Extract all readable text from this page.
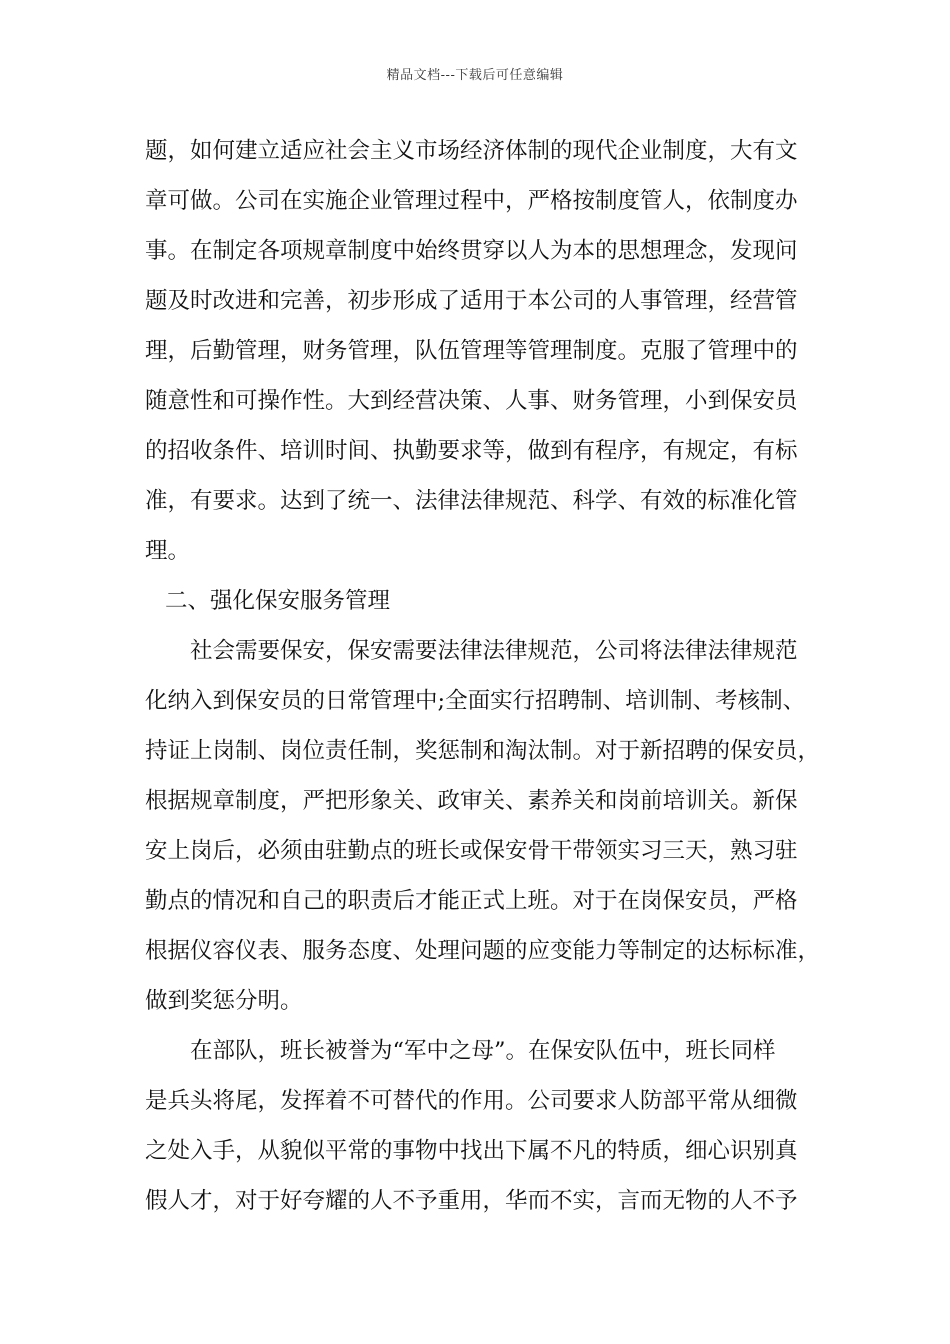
精品文档---下载后可任意编辑
题，如何建立适应社会主义市场经济体制的现代企业制度，大有文
章可做。公司在实施企业管理过程中，严格按制度管人，依制度办
事。在制定各项规章制度中始终贯穿以人为本的思想理念，发现问
题及时改进和完善，初步形成了适用于本公司的人事管理，经营管
理，后勤管理，财务管理，队伍管理等管理制度。克服了管理中的
随意性和可操作性。大到经营决策、人事、财务管理，小到保安员
的招收条件、培训时间、执勤要求等，做到有程序，有规定，有标
准，有要求。达到了统一、法律法律规范、科学、有效的标准化管
理。
二、强化保安服务管理
社会需要保安，保安需要法律法律规范，公司将法律法律规范
化纳入到保安员的日常管理中;全面实行招聘制、培训制、考核制、
持证上岗制、岗位责任制，奖惩制和淘汰制。对于新招聘的保安员，
根据规章制度，严把形象关、政审关、素养关和岗前培训关。新保
安上岗后，必须由驻勤点的班长或保安骨干带领实习三天，熟习驻
勤点的情况和自己的职责后才能正式上班。对于在岗保安员，严格
根据仪容仪表、服务态度、处理问题的应变能力等制定的达标标准，
做到奖惩分明。
在部队，班长被誉为“军中之母”。在保安队伍中，班长同样
是兵头将尾，发挥着不可替代的作用。公司要求人防部平常从细微
之处入手，从貌似平常的事物中找出下属不凡的特质，细心识别真
假人才，对于好夸耀的人不予重用，华而不实，言而无物的人不予
